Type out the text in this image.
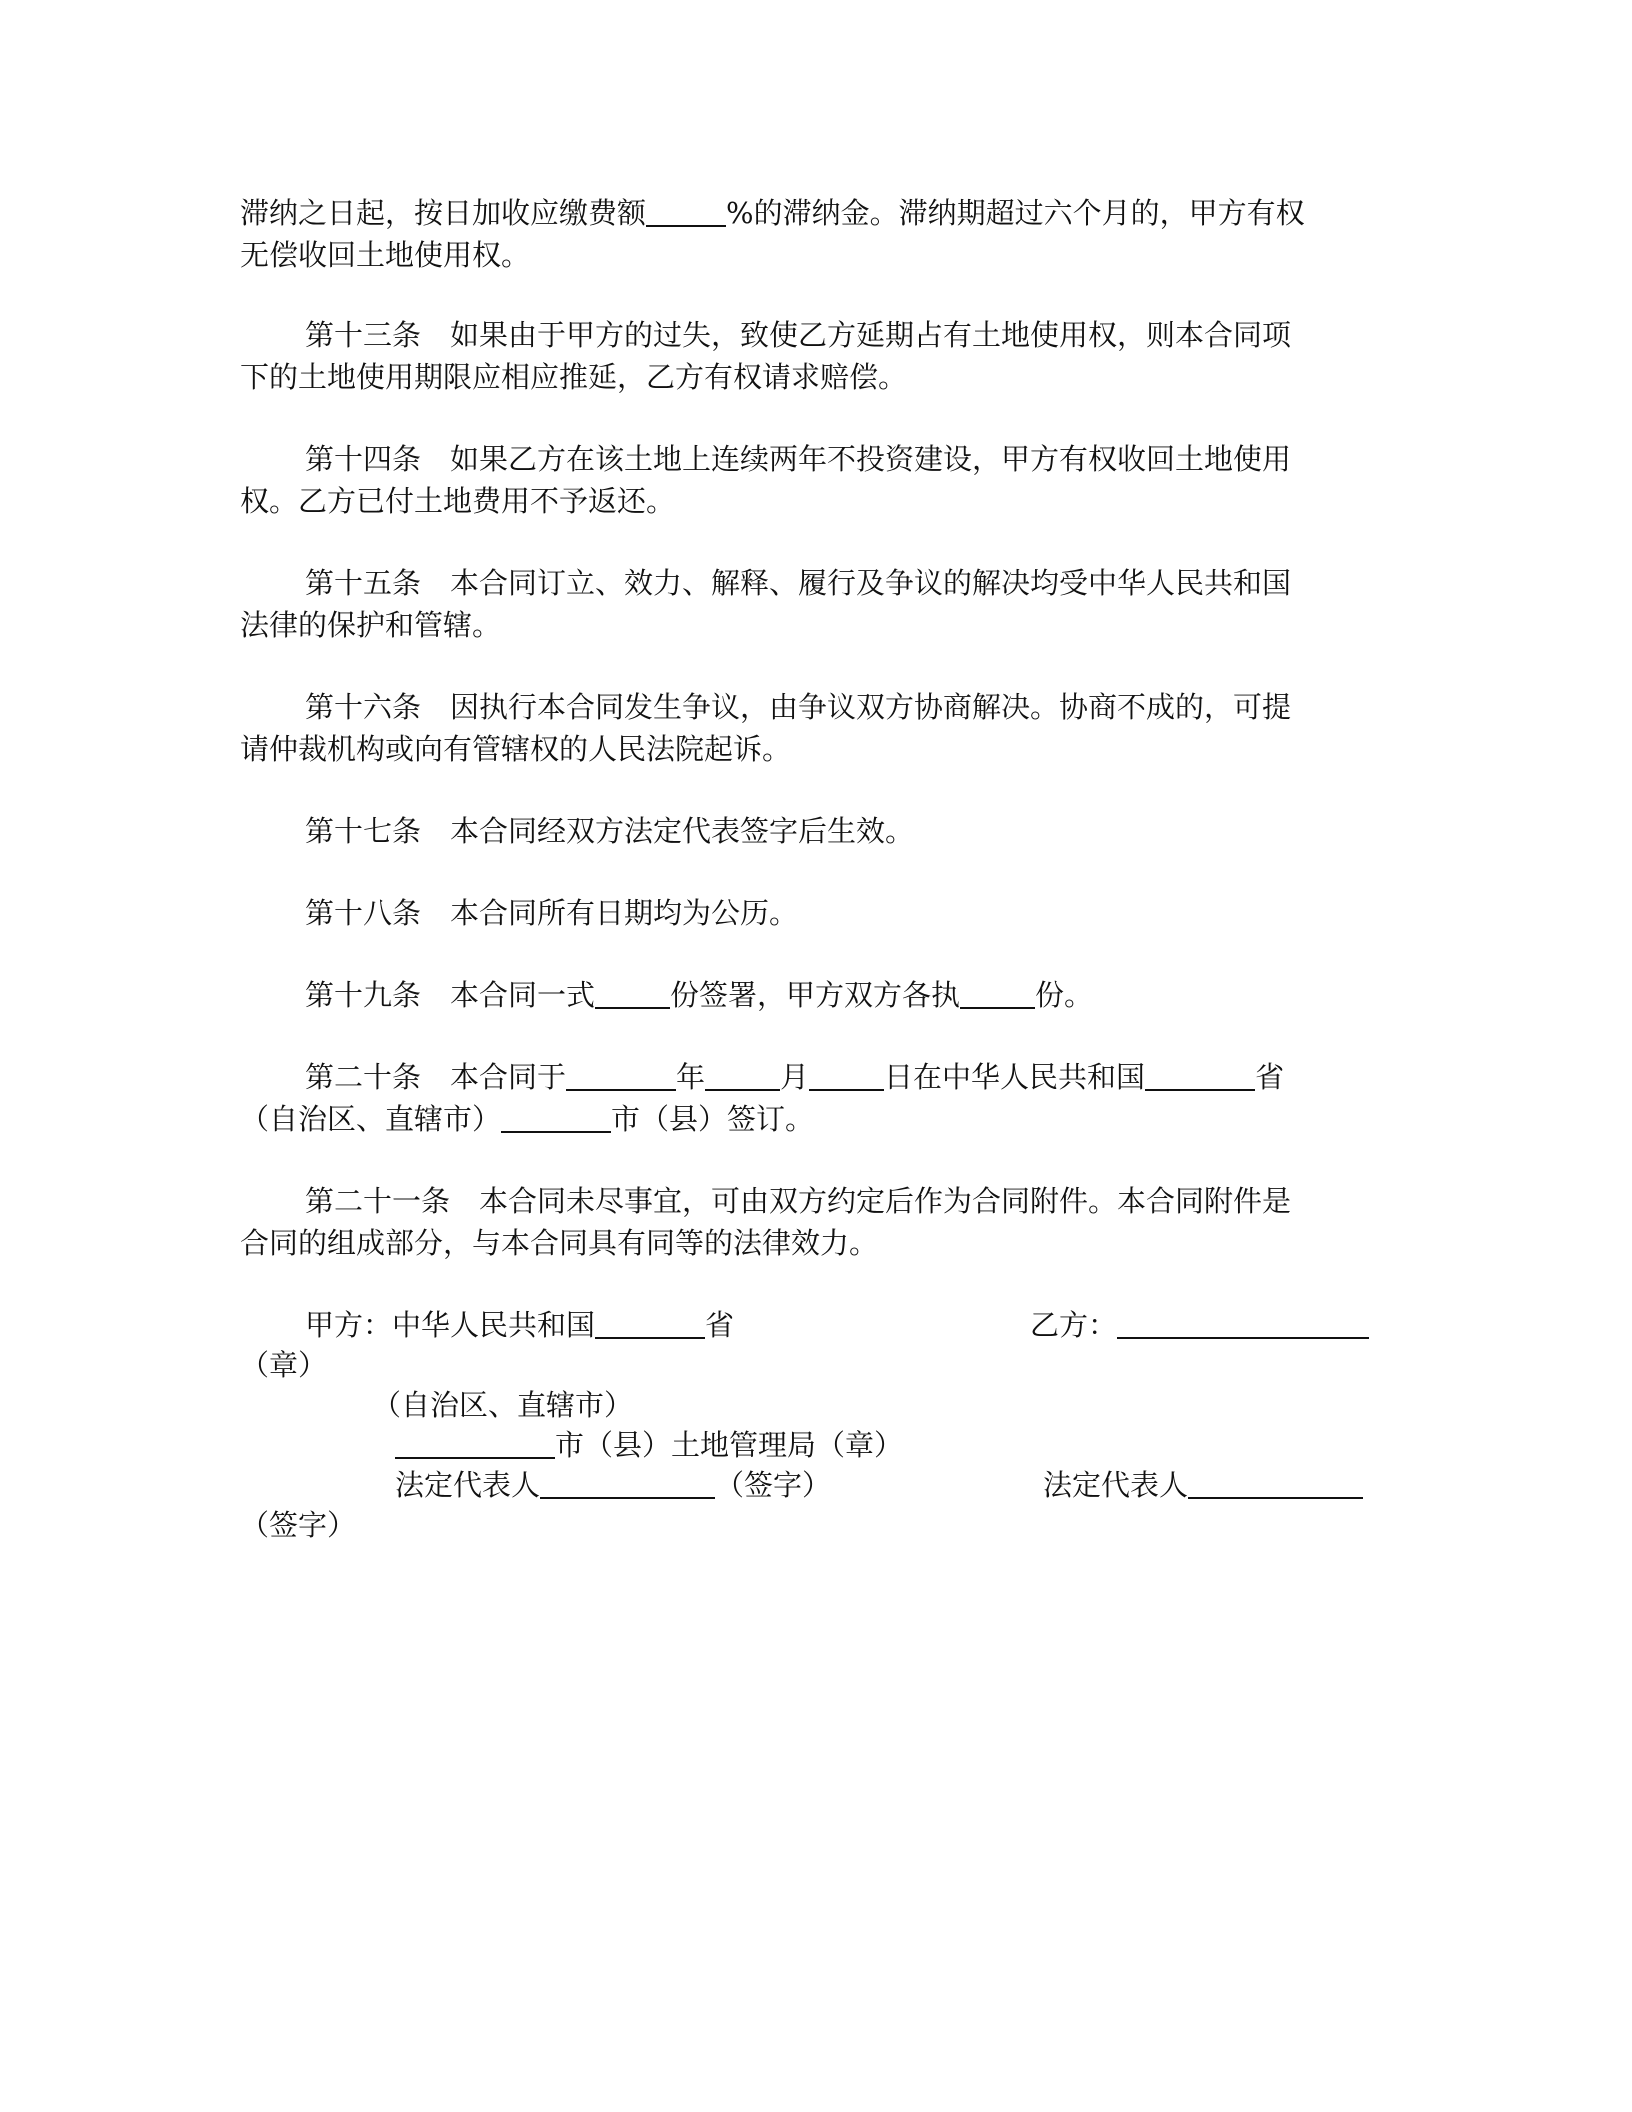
滞纳之日起，按日加收应缴费额	%的滞纳金。滞纳期超过六个月的，甲方有权
无偿收回土地使用权。
第十三条　如果由于甲方的过失，致使乙方延期占有土地使用权，则本合同项
下的土地使用期限应相应推延，乙方有权请求赔偿。
第十四条　如果乙方在该土地上连续两年不投资建设，甲方有权收回土地使用
权。乙方已付土地费用不予返还。
第十五条　本合同订立、效力、解释、履行及争议的解决均受中华人民共和国
法律的保护和管辖。
第十六条　因执行本合同发生争议，由争议双方协商解决。协商不成的，可提
请仲裁机构或向有管辖权的人民法院起诉。
第十七条　本合同经双方法定代表签字后生效。
第十八条　本合同所有日期均为公历。
第十九条　本合同一式	份签署，甲方双方各执	份。
第二十条　本合同于	年	月	日在中华人民共和国	省
（自治区、直辖市）	市（县）签订。
第二十一条　本合同未尽事宜，可由双方约定后作为合同附件。本合同附件是
合同的组成部分，与本合同具有同等的法律效力。
甲方：中华人民共和国	省	乙方：
（章）
（自治区、直辖市）
市（县）土地管理局（章）
法定代表人	（签字）	法定代表人
（签字）
